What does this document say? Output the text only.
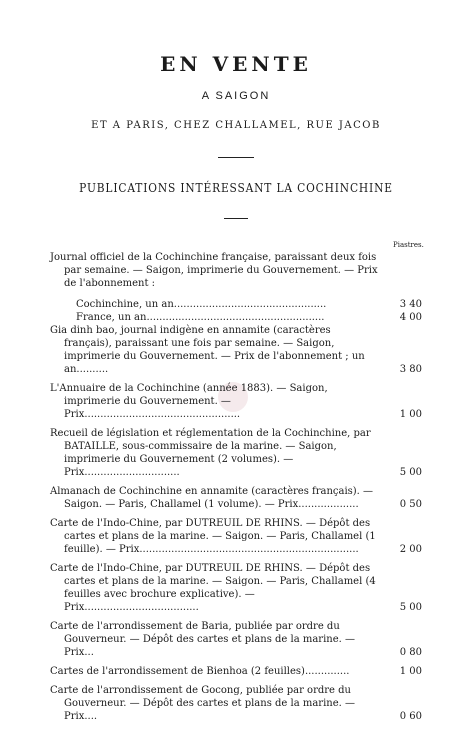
EN VENTE
A SAIGON
ET A PARIS, CHEZ CHALLAMEL, RUE JACOB
PUBLICATIONS INTÉRESSANT LA COCHINCHINE
Piastres.
Journal officiel de la Cochinchine française, paraissant deux fois par semaine. — Saigon, imprimerie du Gouvernement. — Prix de l'abonnement :
Cochinchine, un an................................................	3 40
France, un an........................................................	4 00
Gia dinh bao, journal indigène en annamite (caractères français), paraissant une fois par semaine. — Saigon, imprimerie du Gouvernement. — Prix de l'abonnement ; un an..........	3 80
L'Annuaire de la Cochinchine (année 1883). — Saigon, imprimerie du Gouvernement. — Prix.................................................	1 00
Recueil de législation et réglementation de la Cochinchine, par BATAILLE, sous-commissaire de la marine. — Saigon, imprimerie du Gouvernement (2 volumes). — Prix..............................	5 00
Almanach de Cochinchine en annamite (caractères français). — Saigon. — Paris, Challamel (1 volume). — Prix...................	0 50
Carte de l'Indo-Chine, par DUTREUIL DE RHINS. — Dépôt des cartes et plans de la marine. — Saigon. — Paris, Challamel (1 feuille). — Prix.....................................................................	2 00
Carte de l'Indo-Chine, par DUTREUIL DE RHINS. — Dépôt des cartes et plans de la marine. — Saigon. — Paris, Challamel (4 feuilles avec brochure explicative). — Prix....................................	5 00
Carte de l'arrondissement de Baria, publiée par ordre du Gouverneur. — Dépôt des cartes et plans de la marine. — Prix...	0 80
Cartes de l'arrondissement de Bienhoa (2 feuilles)..............	1 00
Carte de l'arrondissement de Gocong, publiée par ordre du Gouverneur. — Dépôt des cartes et plans de la marine. — Prix....	0 60
